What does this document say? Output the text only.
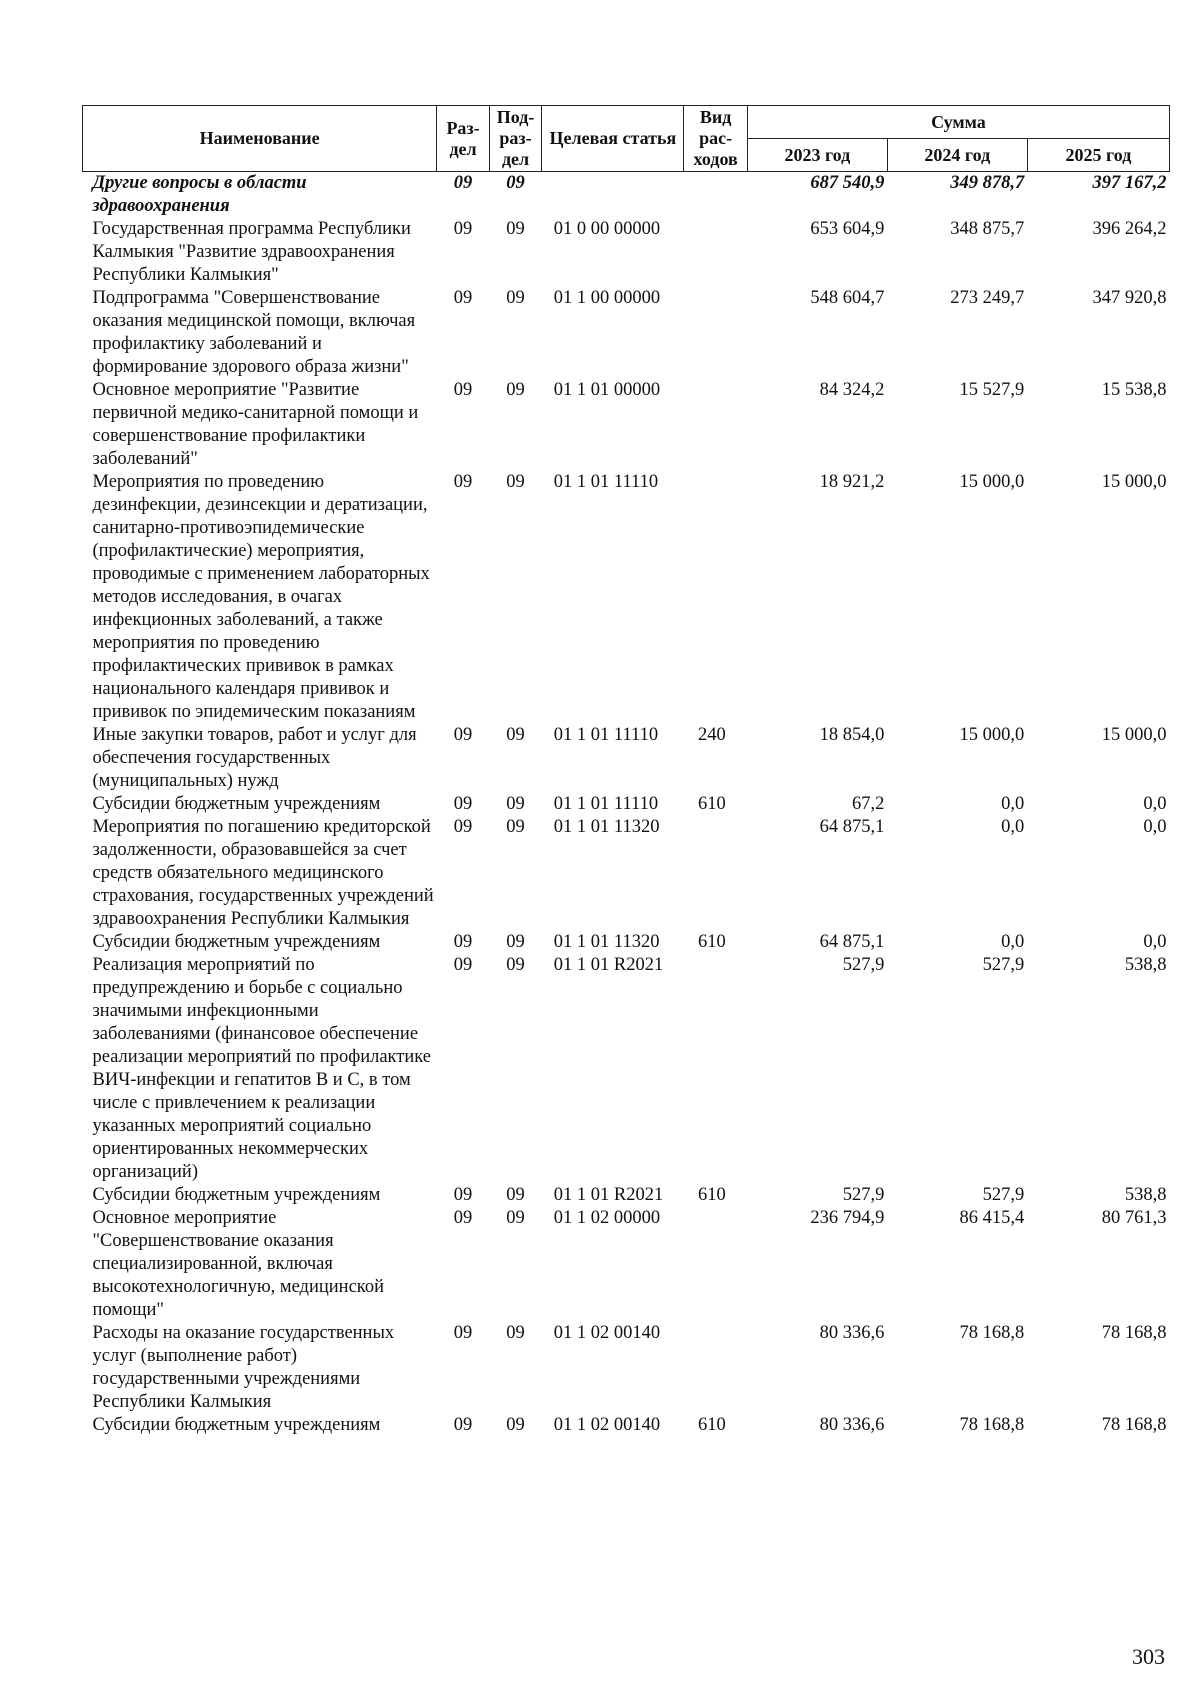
Наименование	Раз-дел	Под-раз-дел	Целевая статья	Вид рас-ходов	Сумма		
					2023 год	2024 год	2025 год
Другие вопросы в области здравоохранения	09	09			687 540,9	349 878,7	397 167,2
Государственная программа Республики Калмыкия "Развитие здравоохранения Республики Калмыкия"	09	09	01 0 00 00000		653 604,9	348 875,7	396 264,2
Подпрограмма "Совершенствование оказания медицинской помощи, включая профилактику заболеваний и формирование здорового образа жизни"	09	09	01 1 00 00000		548 604,7	273 249,7	347 920,8
Основное мероприятие "Развитие первичной медико-санитарной помощи и совершенствование профилактики заболеваний"	09	09	01 1 01 00000		84 324,2	15 527,9	15 538,8
Мероприятия по проведению дезинфекции, дезинсекции и дератизации, санитарно-противоэпидемические (профилактические) мероприятия, проводимые с применением лабораторных методов исследования, в очагах инфекционных заболеваний, а также мероприятия по проведению профилактических прививок в рамках национального календаря прививок и прививок по эпидемическим показаниям	09	09	01 1 01 11110		18 921,2	15 000,0	15 000,0
Иные закупки товаров, работ и услуг для обеспечения государственных (муниципальных) нужд	09	09	01 1 01 11110	240	18 854,0	15 000,0	15 000,0
Субсидии бюджетным учреждениям	09	09	01 1 01 11110	610	67,2	0,0	0,0
Мероприятия по погашению кредиторской задолженности, образовавшейся за счет средств обязательного медицинского страхования, государственных учреждений здравоохранения Республики Калмыкия	09	09	01 1 01 11320		64 875,1	0,0	0,0
Субсидии бюджетным учреждениям	09	09	01 1 01 11320	610	64 875,1	0,0	0,0
Реализация мероприятий по предупреждению и борьбе с социально значимыми инфекционными заболеваниями (финансовое обеспечение реализации мероприятий по профилактике ВИЧ-инфекции и гепатитов В и С, в том числе с привлечением к реализации указанных мероприятий социально ориентированных некоммерческих организаций)	09	09	01 1 01 R2021		527,9	527,9	538,8
Субсидии бюджетным учреждениям	09	09	01 1 01 R2021	610	527,9	527,9	538,8
Основное мероприятие "Совершенствование оказания специализированной, включая высокотехнологичную, медицинской помощи"	09	09	01 1 02 00000		236 794,9	86 415,4	80 761,3
Расходы на оказание государственных услуг (выполнение работ) государственными учреждениями Республики Калмыкия	09	09	01 1 02 00140		80 336,6	78 168,8	78 168,8
Субсидии бюджетным учреждениям	09	09	01 1 02 00140	610	80 336,6	78 168,8	78 168,8
303
